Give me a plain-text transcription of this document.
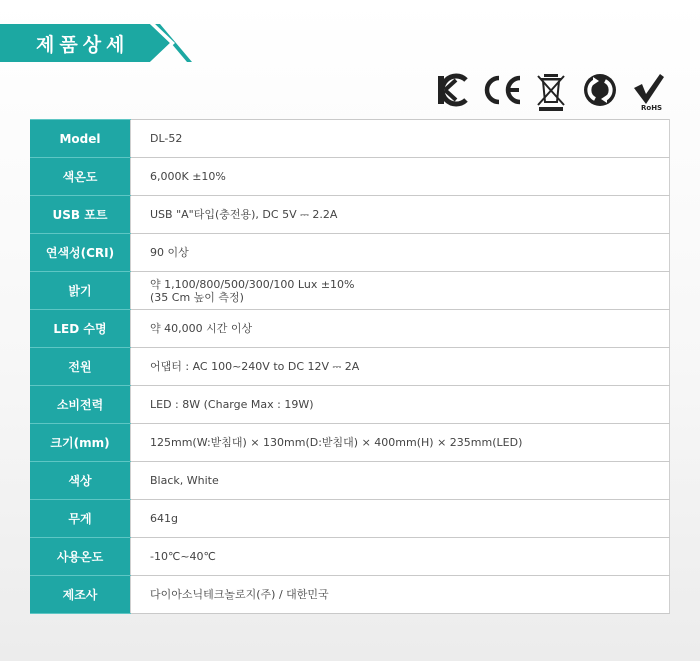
제품상세
RoHS
Model	DL-52

색온도	6,000K ±10%

USB 포트	USB "A"타입(충전용), DC 5V ⎓ 2.2A

연색성(CRI)	90 이상

밝기	약 1,100/800/500/300/100 Lux ±10%
(35 Cm 높이 측정)

LED 수명	약 40,000 시간 이상

전원	어댑터 : AC 100~240V to DC 12V ⎓ 2A

소비전력	LED : 8W (Charge Max : 19W)

크기(mm)	125mm(W:받침대) × 130mm(D:받침대) × 400mm(H) × 235mm(LED)

색상	Black, White

무게	641g

사용온도	-10℃~40℃

제조사	다이아소닉테크놀로지(주) / 대한민국
